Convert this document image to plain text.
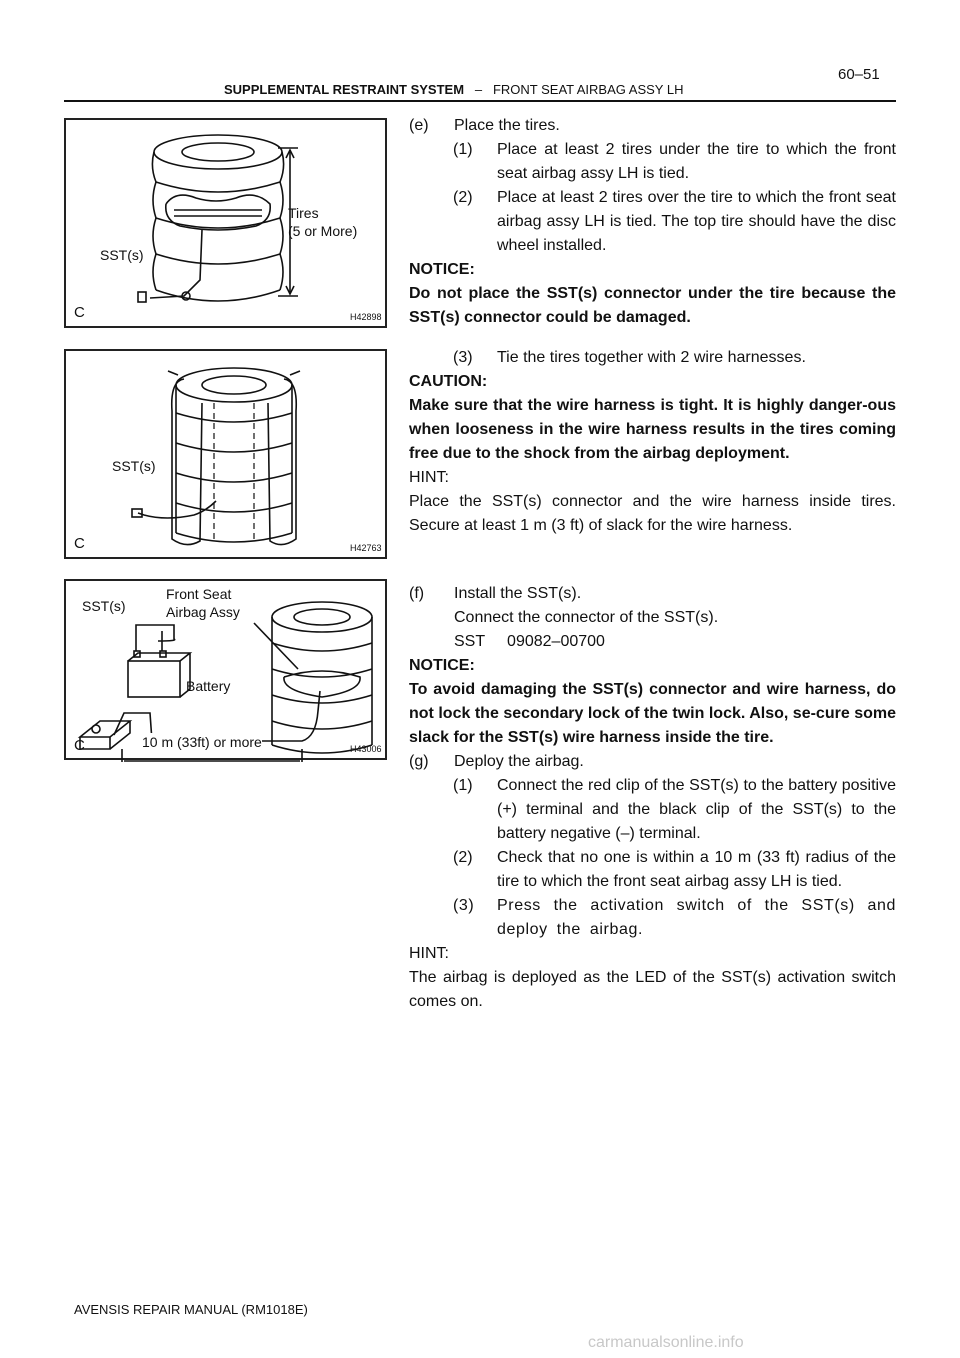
SUPPLEMENTAL RESTRAINT SYSTEM – FRONT SEAT AIRBAG ASSY LH
60–51
Tires
(5 or More)
SST(s)
C	H42898
SST(s)
C	H42763
SST(s)
Front Seat
Airbag Assy
Battery
10 m (33ft) or more
C	H43006

(e) Place the tires.

(1) Place at least 2 tires under the tire to which the front seat airbag assy LH is tied.

(2) Place at least 2 tires over the tire to which the front seat airbag assy LH is tied. The top tire should have the disc wheel installed.

NOTICE:

Do not place the SST(s) connector under the tire because the SST(s) connector could be damaged.

(3) Tie the tires together with 2 wire harnesses.

CAUTION:

Make sure that the wire harness is tight. It is highly danger-ous when looseness in the wire harness results in the tires coming free due to the shock from the airbag deployment.

HINT:

Place the SST(s) connector and the wire harness inside tires. Secure at least 1 m (3 ft) of slack for the wire harness.

(f) Install the SST(s).

Connect the connector of the SST(s).

SST     09082–00700

NOTICE:

To avoid damaging the SST(s) connector and wire harness, do not lock the secondary lock of the twin lock. Also, se-cure some slack for the SST(s) wire harness inside the tire.

(g) Deploy the airbag.

(1) Connect the red clip of the SST(s) to the battery positive (+) terminal and the black clip of the SST(s) to the battery negative (–) terminal.

(2) Check that no one is within a 10 m (33 ft) radius of the tire to which the front seat airbag assy LH is tied.

(3) Press the activation switch of the SST(s) and deploy the airbag.

HINT:

The airbag is deployed as the LED of the SST(s) activation switch comes on.

AVENSIS REPAIR MANUAL (RM1018E)
carmanualsonline.info
